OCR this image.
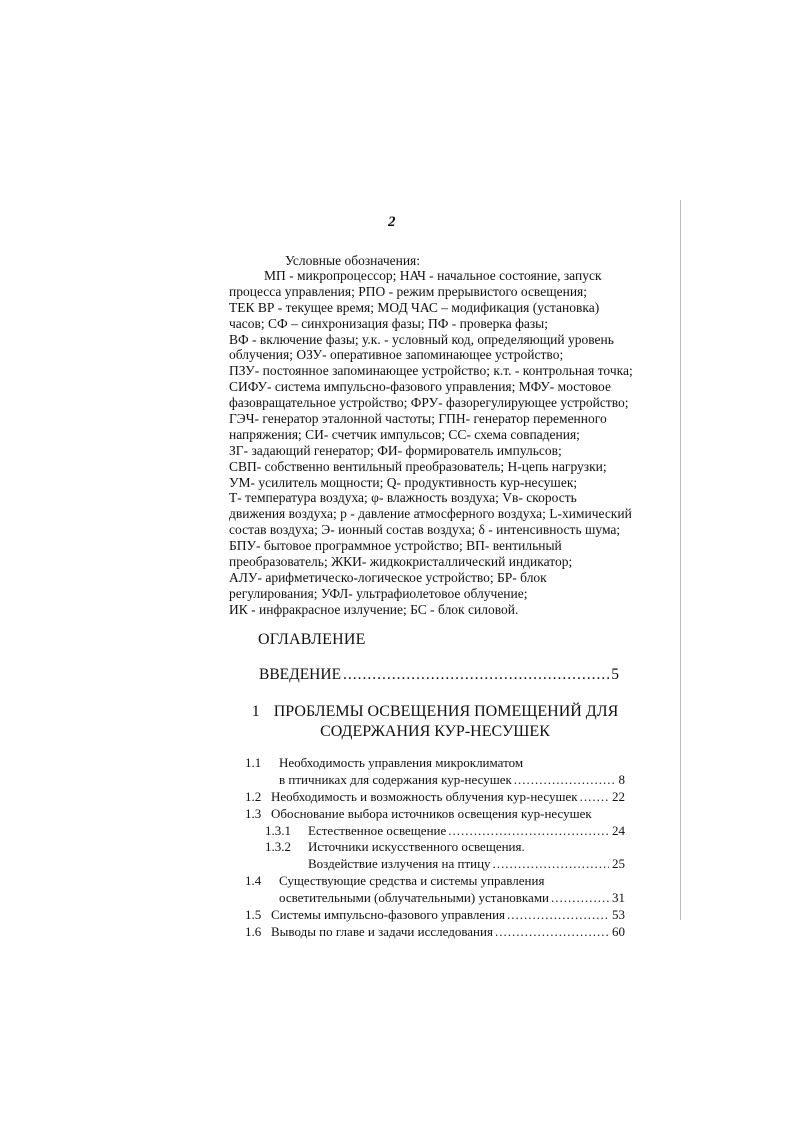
2
Условные обозначения:
МП - микропроцессор; НАЧ - начальное состояние, запуск
процесса управления; РПО - режим прерывистого освещения;
ТЕК ВР - текущее время; МОД ЧАС – модификация (установка)
часов; СФ – синхронизация фазы; ПФ - проверка фазы;
ВФ - включение фазы; у.к. - условный код, определяющий уровень
облучения; ОЗУ- оперативное запоминающее устройство;
ПЗУ- постоянное запоминающее устройство; к.т. - контрольная точка;
СИФУ- система импульсно-фазового управления; МФУ- мостовое
фазовращательное устройство; ФРУ- фазорегулирующее устройство;
ГЭЧ- генератор эталонной частоты; ГПН- генератор переменного
напряжения; СИ- счетчик импульсов; СС- схема совпадения;
ЗГ- задающий генератор; ФИ- формирователь импульсов;
СВП- собственно вентильный преобразователь; Н-цепь нагрузки;
УМ- усилитель мощности; Q- продуктивность кур-несушек;
Т- температура воздуха; φ- влажность воздуха; Vв- скорость
движения воздуха; р - давление атмосферного воздуха; L-химический
состав воздуха; Э- ионный состав воздуха; δ - интенсивность шума;
БПУ- бытовое программное устройство; ВП- вентильный
преобразователь; ЖКИ- жидкокристаллический индикатор;
АЛУ- арифметическо-логическое устройство; БР- блок
регулирования; УФЛ- ультрафиолетовое облучение;
ИК - инфракрасное излучение; БС - блок силовой.
ОГЛАВЛЕНИЕ
ВВЕДЕНИЕ .....	5
1 ПРОБЛЕМЫ ОСВЕЩЕНИЯ ПОМЕЩЕНИЙ ДЛЯ
СОДЕРЖАНИЯ КУР-НЕСУШЕК
1.1	Необходимость управления микроклиматом
в птичниках для содержания кур-несушек .....	8
1.2 Необходимость и возможность облучения кур-несушек .....	22
1.3 Обоснование выбора источников освещения кур-несушек
1.3.1	Естественное освещение .....	24
1.3.2	Источники искусственного освещения.
Воздействие излучения на птицу .....	25
1.4	Существующие средства и системы управления
осветительными (облучательными) установками .....	31
1.5 Системы импульсно-фазового управления .....	53
1.6 Выводы по главе и задачи исследования .....	60
